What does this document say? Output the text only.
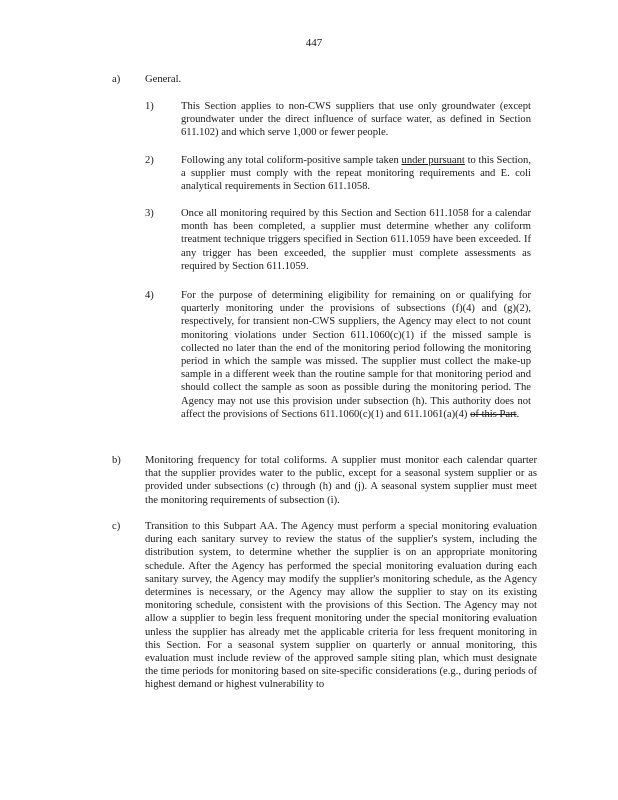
447
a) General.
1)	This Section applies to non-CWS suppliers that use only groundwater (except groundwater under the direct influence of surface water, as defined in Section 611.102) and which serve 1,000 or fewer people.
2)	Following any total coliform-positive sample taken under pursuant to this Section, a supplier must comply with the repeat monitoring requirements and E. coli analytical requirements in Section 611.1058.
3)	Once all monitoring required by this Section and Section 611.1058 for a calendar month has been completed, a supplier must determine whether any coliform treatment technique triggers specified in Section 611.1059 have been exceeded. If any trigger has been exceeded, the supplier must complete assessments as required by Section 611.1059.
4)	For the purpose of determining eligibility for remaining on or qualifying for quarterly monitoring under the provisions of subsections (f)(4) and (g)(2), respectively, for transient non-CWS suppliers, the Agency may elect to not count monitoring violations under Section 611.1060(c)(1) if the missed sample is collected no later than the end of the monitoring period following the monitoring period in which the sample was missed. The supplier must collect the make-up sample in a different week than the routine sample for that monitoring period and should collect the sample as soon as possible during the monitoring period. The Agency may not use this provision under subsection (h). This authority does not affect the provisions of Sections 611.1060(c)(1) and 611.1061(a)(4) of this Part.
b) Monitoring frequency for total coliforms. A supplier must monitor each calendar quarter that the supplier provides water to the public, except for a seasonal system supplier or as provided under subsections (c) through (h) and (j). A seasonal system supplier must meet the monitoring requirements of subsection (i).
c) Transition to this Subpart AA. The Agency must perform a special monitoring evaluation during each sanitary survey to review the status of the supplier's system, including the distribution system, to determine whether the supplier is on an appropriate monitoring schedule. After the Agency has performed the special monitoring evaluation during each sanitary survey, the Agency may modify the supplier's monitoring schedule, as the Agency determines is necessary, or the Agency may allow the supplier to stay on its existing monitoring schedule, consistent with the provisions of this Section. The Agency may not allow a supplier to begin less frequent monitoring under the special monitoring evaluation unless the supplier has already met the applicable criteria for less frequent monitoring in this Section. For a seasonal system supplier on quarterly or annual monitoring, this evaluation must include review of the approved sample siting plan, which must designate the time periods for monitoring based on site-specific considerations (e.g., during periods of highest demand or highest vulnerability to
